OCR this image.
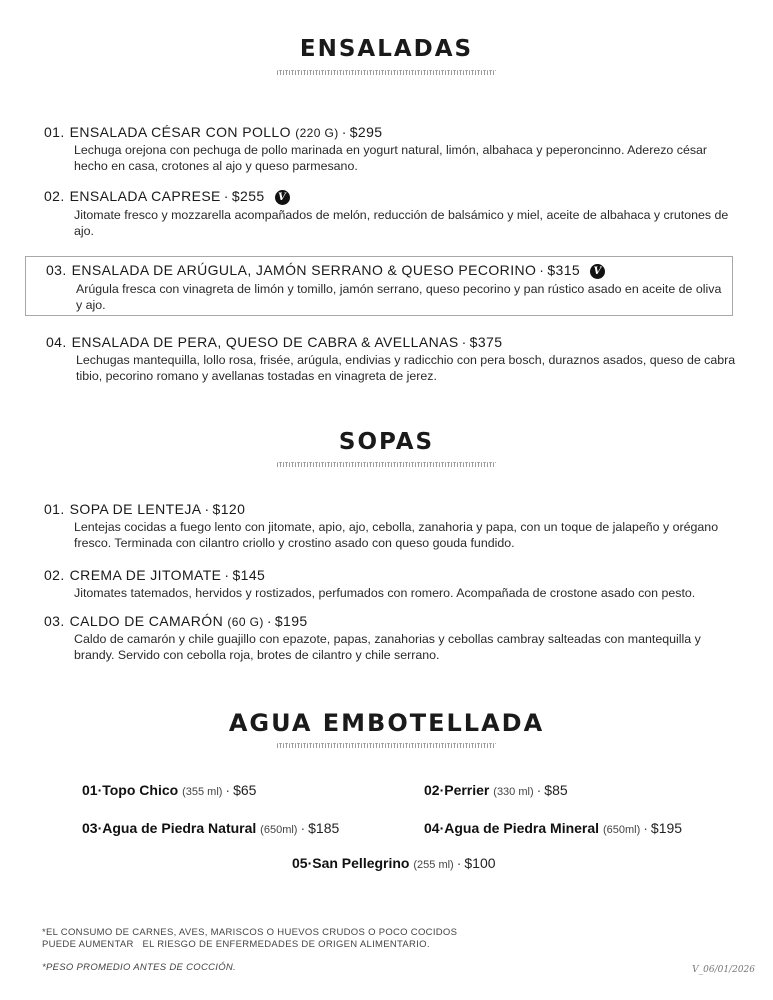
ENSALADAS
01. ENSALADA CÉSAR CON POLLO (220 G) · $295
Lechuga orejona con pechuga de pollo marinada en yogurt natural, limón, albahaca y peperoncinno. Aderezo césar hecho en casa, crotones al ajo y queso parmesano.
02. ENSALADA CAPRESE · $255 V
Jitomate fresco y mozzarella acompañados de melón, reducción de balsámico y miel, aceite de albahaca y crutones de ajo.
03. ENSALADA DE ARÚGULA, JAMÓN SERRANO & QUESO PECORINO · $315 V
Arúgula fresca con vinagreta de limón y tomillo, jamón serrano, queso pecorino y pan rústico asado en aceite de oliva y ajo.
04. ENSALADA DE PERA, QUESO DE CABRA & AVELLANAS · $375
Lechugas mantequilla, lollo rosa, frisée, arúgula, endivias y radicchio con pera bosch, duraznos asados, queso de cabra tibio, pecorino romano y avellanas tostadas en vinagreta de jerez.
SOPAS
01. SOPA DE LENTEJA · $120
Lentejas cocidas a fuego lento con jitomate, apio, ajo, cebolla, zanahoria y papa, con un toque de jalapeño y orégano fresco. Terminada con cilantro criollo y crostino asado con queso gouda fundido.
02. CREMA DE JITOMATE · $145
Jitomates tatemados, hervidos y rostizados, perfumados con romero. Acompañada de crostone asado con pesto.
03. CALDO DE CAMARÓN (60 G) · $195
Caldo de camarón y chile guajillo con epazote, papas, zanahorias y cebollas cambray salteadas con mantequilla y brandy. Servido con cebolla roja, brotes de cilantro y chile serrano.
AGUA EMBOTELLADA
01·Topo Chico (355 ml) · $65	02·Perrier (330 ml) · $85
03·Agua de Piedra Natural (650ml) · $185	04·Agua de Piedra Mineral (650ml) · $195
05·San Pellegrino (255 ml) · $100
*EL CONSUMO DE CARNES, AVES, MARISCOS O HUEVOS CRUDOS O POCO COCIDOS
PUEDE AUMENTAR   EL RIESGO DE ENFERMEDADES DE ORIGEN ALIMENTARIO.
*PESO PROMEDIO ANTES DE COCCIÓN.	V_06/01/2026
